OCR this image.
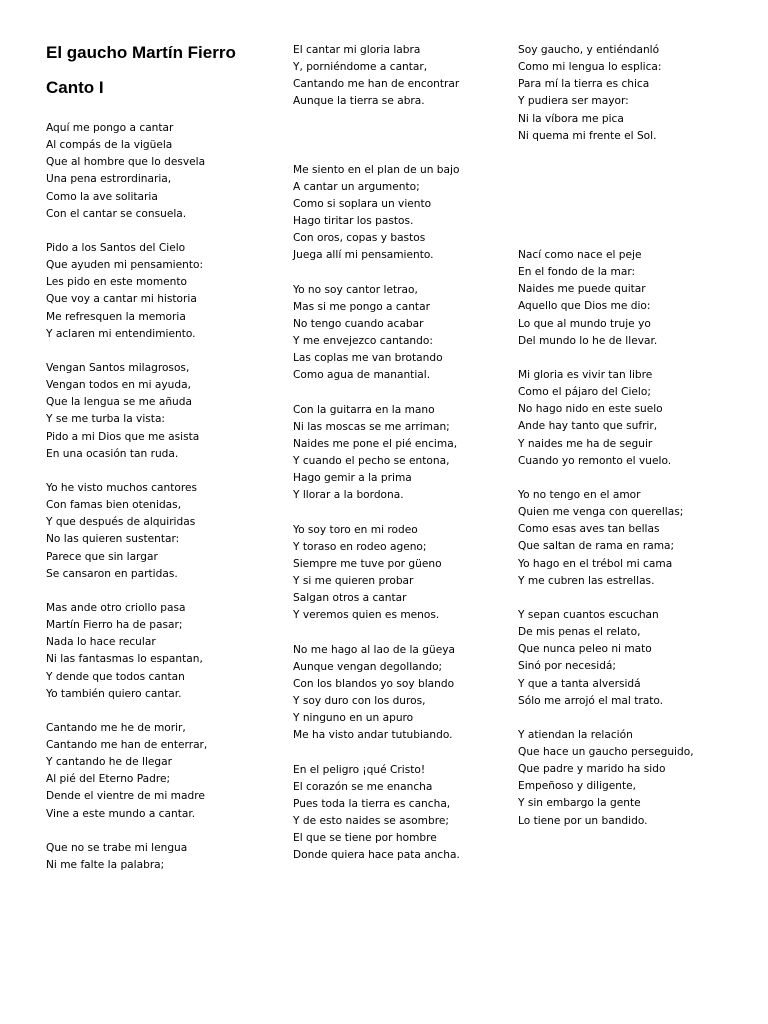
El gaucho Martín Fierro
Canto I
Aquí me pongo a cantar
Al compás de la vigüela
Que al hombre que lo desvela
Una pena estrordinaria,
Como la ave solitaria
Con el cantar se consuela.
Pido a los Santos del Cielo
Que ayuden mi pensamiento:
Les pido en este momento
Que voy a cantar mi historia
Me refresquen la memoria
Y aclaren mi entendimiento.
Vengan Santos milagrosos,
Vengan todos en mi ayuda,
Que la lengua se me añuda
Y se me turba la vista:
Pido a mi Dios que me asista
En una ocasión tan ruda.
Yo he visto muchos cantores
Con famas bien otenidas,
Y que después de alquiridas
No las quieren sustentar:
Parece que sin largar
Se cansaron en partidas.
Mas ande otro criollo pasa
Martín Fierro ha de pasar;
Nada lo hace recular
Ni las fantasmas lo espantan,
Y dende que todos cantan
Yo también quiero cantar.
Cantando me he de morir,
Cantando me han de enterrar,
Y cantando he de llegar
Al pié del Eterno Padre;
Dende el vientre de mi madre
Vine a este mundo a cantar.
Que no se trabe mi lengua
Ni me falte la palabra;
El cantar mi gloria labra
Y, porniéndome a cantar,
Cantando me han de encontrar
Aunque la tierra se abra.
Me siento en el plan de un bajo
A cantar un argumento;
Como si soplara un viento
Hago tiritar los pastos.
Con oros, copas y bastos
Juega allí mi pensamiento.
Yo no soy cantor letrao,
Mas si me pongo a cantar
No tengo cuando acabar
Y me envejezco cantando:
Las coplas me van brotando
Como agua de manantial.
Con la guitarra en la mano
Ni las moscas se me arriman;
Naides me pone el pié encima,
Y cuando el pecho se entona,
Hago gemir a la prima
Y llorar a la bordona.
Yo soy toro en mi rodeo
Y toraso en rodeo ageno;
Siempre me tuve por güeno
Y si me quieren probar
Salgan otros a cantar
Y veremos quien es menos.
No me hago al lao de la güeya
Aunque vengan degollando;
Con los blandos yo soy blando
Y soy duro con los duros,
Y ninguno en un apuro
Me ha visto andar tutubiando.
En el peligro ¡qué Cristo!
El corazón se me enancha
Pues toda la tierra es cancha,
Y de esto naides se asombre;
El que se tiene por hombre
Donde quiera hace pata ancha.
Soy gaucho, y entiéndanló
Como mi lengua lo esplica:
Para mí la tierra es chica
Y pudiera ser mayor:
Ni la víbora me pica
Ni quema mi frente el Sol.
Nací como nace el peje
En el fondo de la mar:
Naides me puede quitar
Aquello que Dios me dio:
Lo que al mundo truje yo
Del mundo lo he de llevar.
Mi gloria es vivir tan libre
Como el pájaro del Cielo;
No hago nido en este suelo
Ande hay tanto que sufrir,
Y naides me ha de seguir
Cuando yo remonto el vuelo.
Yo no tengo en el amor
Quien me venga con querellas;
Como esas aves tan bellas
Que saltan de rama en rama;
Yo hago en el trébol mi cama
Y me cubren las estrellas.
Y sepan cuantos escuchan
De mis penas el relato,
Que nunca peleo ni mato
Sinó por necesidá;
Y que a tanta alversidá
Sólo me arrojó el mal trato.
Y atiendan la relación
Que hace un gaucho perseguido,
Que padre y marido ha sido
Empeñoso y diligente,
Y sin embargo la gente
Lo tiene por un bandido.
